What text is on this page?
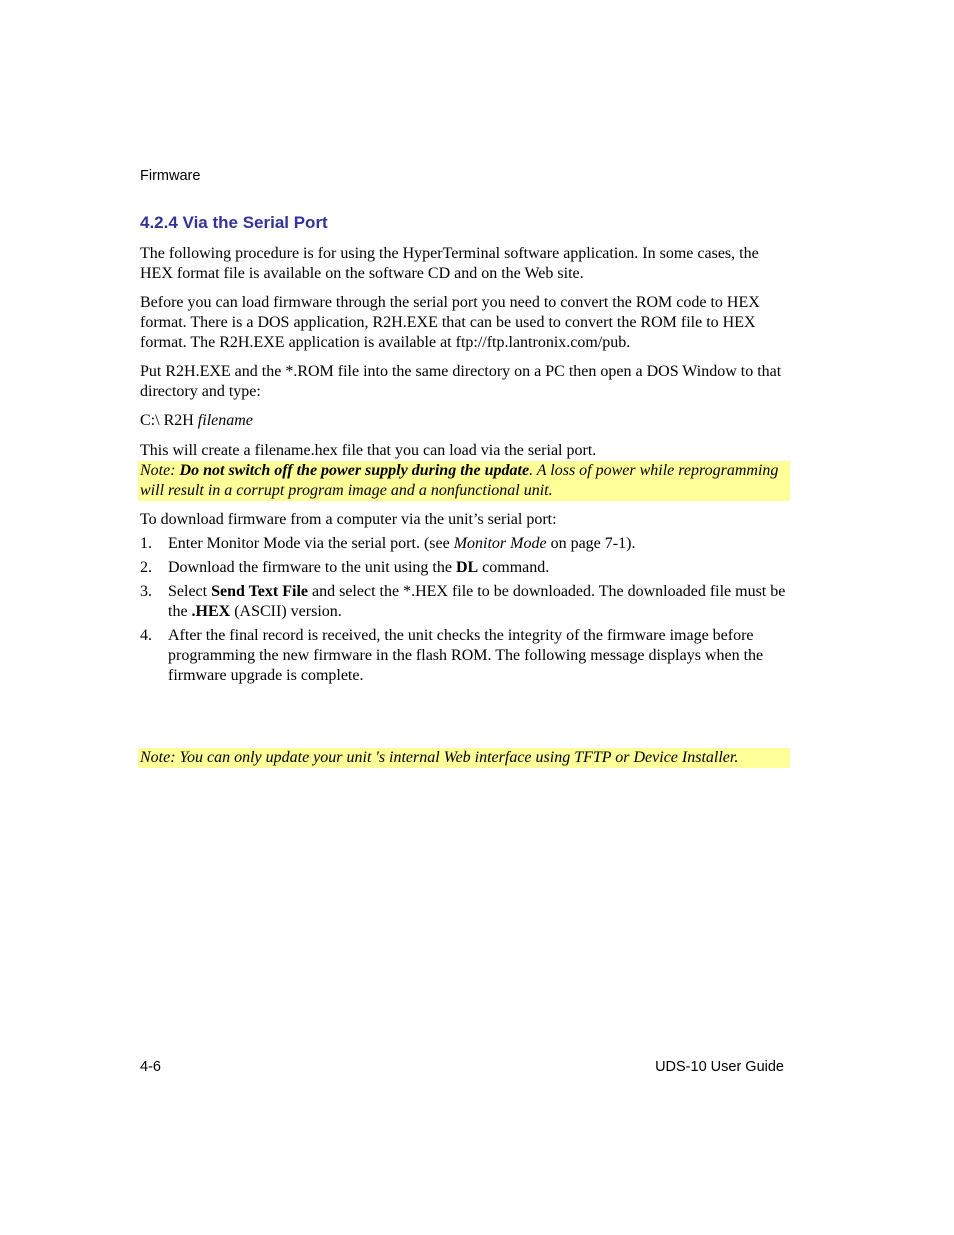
Firmware
4.2.4 Via the Serial Port

The following procedure is for using the HyperTerminal software application. In some cases, the HEX format file is available on the software CD and on the Web site.

Before you can load firmware through the serial port you need to convert the ROM code to HEX format. There is a DOS application, R2H.EXE that can be used to convert the ROM file to HEX format. The R2H.EXE application is available at ftp://ftp.lantronix.com/pub.

Put R2H.EXE and the *.ROM file into the same directory on a PC then open a DOS Window to that directory and type:

C:\ R2H filename

This will create a filename.hex file that you can load via the serial port.

Note: Do not switch off the power supply during the update. A loss of power while reprogramming will result in a corrupt program image and a nonfunctional unit.

To download firmware from a computer via the unit’s serial port:

1.	Enter Monitor Mode via the serial port. (see Monitor Mode on page 7-1).
2.	Download the firmware to the unit using the DL command.
3.	Select Send Text File and select the *.HEX file to be downloaded. The downloaded file must be the .HEX (ASCII) version.
4.	After the final record is received, the unit checks the integrity of the firmware image before programming the new firmware in the flash ROM. The following message displays when the firmware upgrade is complete.
Note: You can only update your unit 's internal Web interface using TFTP or Device Installer.
4-6	UDS-10 User Guide
